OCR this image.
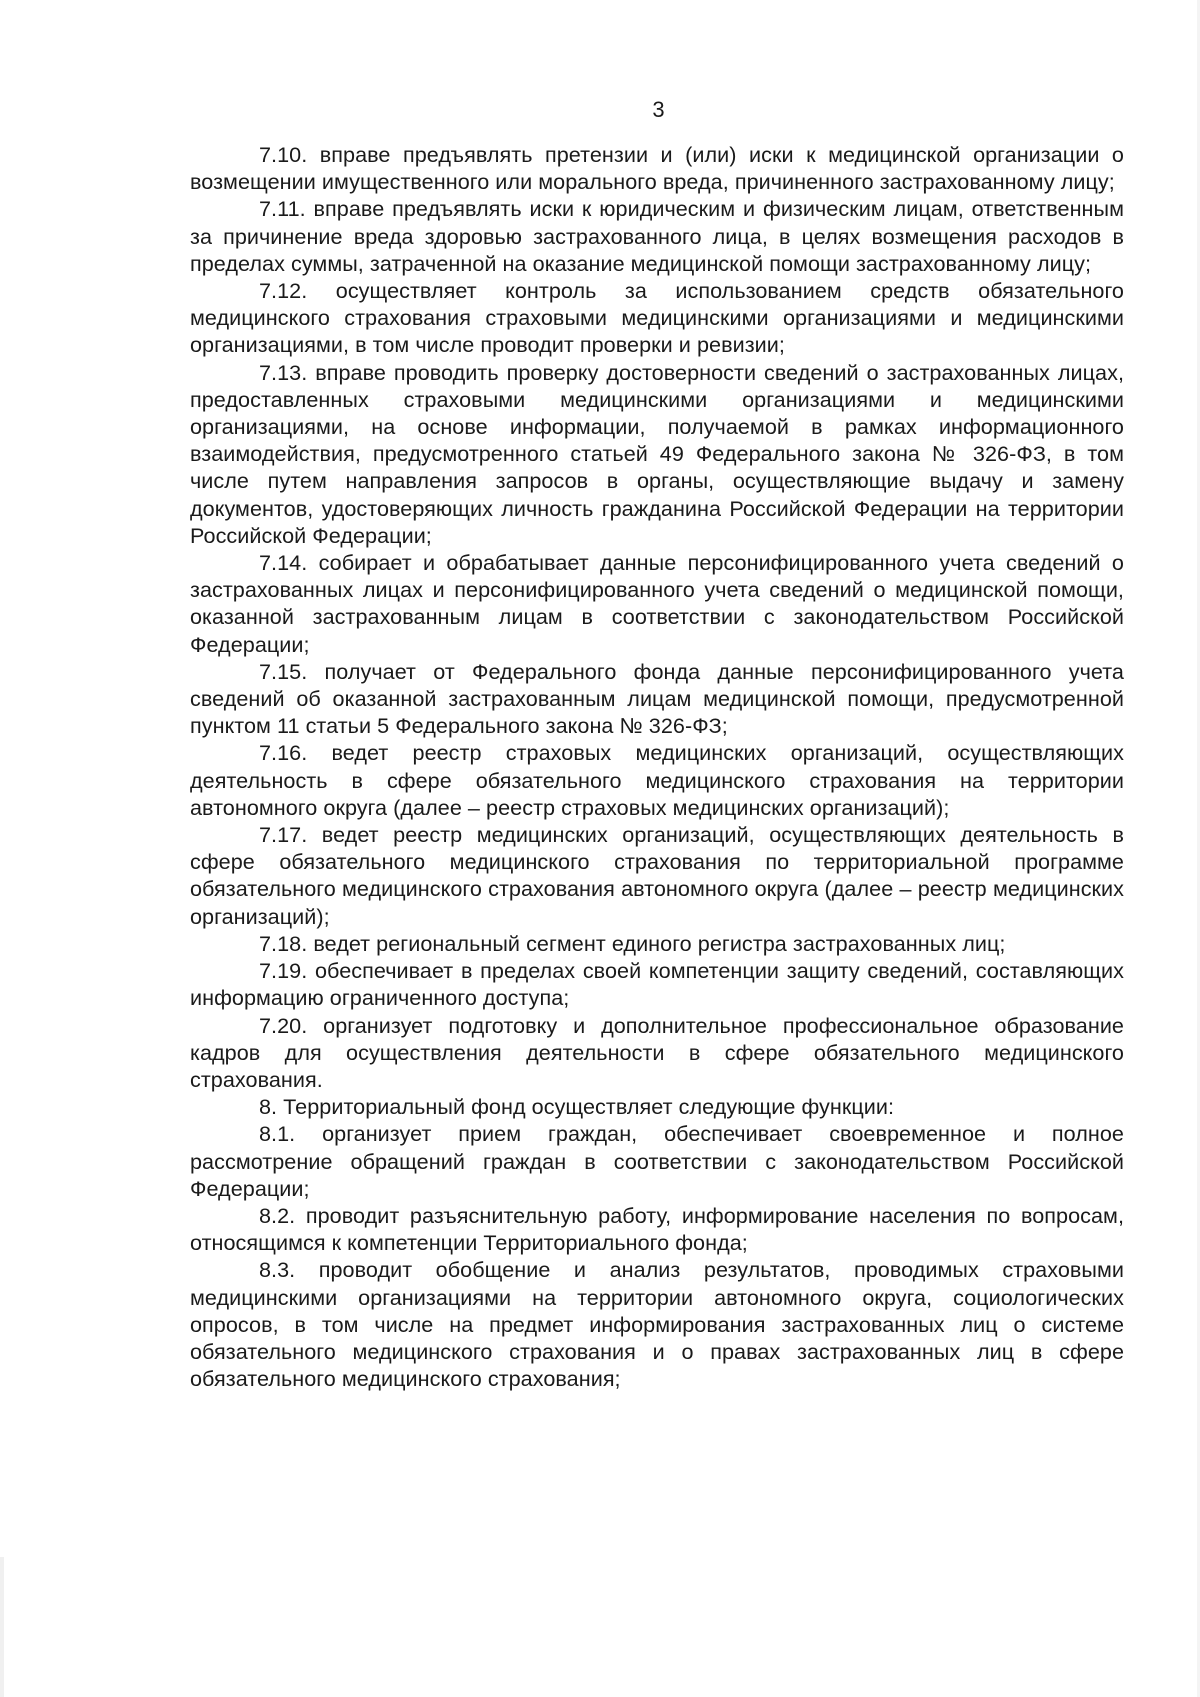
3

7.10. вправе предъявлять претензии и (или) иски к медицинской организации о возмещении имущественного или морального вреда, причиненного застрахованному лицу;

7.11. вправе предъявлять иски к юридическим и физическим лицам, ответственным за причинение вреда здоровью застрахованного лица, в целях возмещения расходов в пределах суммы, затраченной на оказание медицинской помощи застрахованному лицу;

7.12. осуществляет контроль за использованием средств обязательного медицинского страхования страховыми медицинскими организациями и медицинскими организациями, в том числе проводит проверки и ревизии;

7.13. вправе проводить проверку достоверности сведений о застрахованных лицах, предоставленных страховыми медицинскими организациями и медицинскими организациями, на основе информации, получаемой в рамках информационного взаимодействия, предусмотренного статьей 49 Федерального закона № 326-ФЗ, в том числе путем направления запросов в органы, осуществляющие выдачу и замену документов, удостоверяющих личность гражданина Российской Федерации на территории Российской Федерации;

7.14. собирает и обрабатывает данные персонифицированного учета сведений о застрахованных лицах и персонифицированного учета сведений о медицинской помощи, оказанной застрахованным лицам в соответствии с законодательством Российской Федерации;

7.15. получает от Федерального фонда данные персонифицированного учета сведений об оказанной застрахованным лицам медицинской помощи, предусмотренной пунктом 11 статьи 5 Федерального закона № 326-ФЗ;

7.16. ведет реестр страховых медицинских организаций, осуществляющих деятельность в сфере обязательного медицинского страхования на территории автономного округа (далее – реестр страховых медицинских организаций);

7.17. ведет реестр медицинских организаций, осуществляющих деятельность в сфере обязательного медицинского страхования по территориальной программе обязательного медицинского страхования автономного округа (далее – реестр медицинских организаций);

7.18. ведет региональный сегмент единого регистра застрахованных лиц;

7.19. обеспечивает в пределах своей компетенции защиту сведений, составляющих информацию ограниченного доступа;

7.20. организует подготовку и дополнительное профессиональное образование кадров для осуществления деятельности в сфере обязательного медицинского страхования.

8. Территориальный фонд осуществляет следующие функции:

8.1. организует прием граждан, обеспечивает своевременное и полное рассмотрение обращений граждан в соответствии с законодательством Российской Федерации;

8.2. проводит разъяснительную работу, информирование населения по вопросам, относящимся к компетенции Территориального фонда;

8.3. проводит обобщение и анализ результатов, проводимых страховыми медицинскими организациями на территории автономного округа, социологических опросов, в том числе на предмет информирования застрахованных лиц о системе обязательного медицинского страхования и о правах застрахованных лиц в сфере обязательного медицинского страхования;
